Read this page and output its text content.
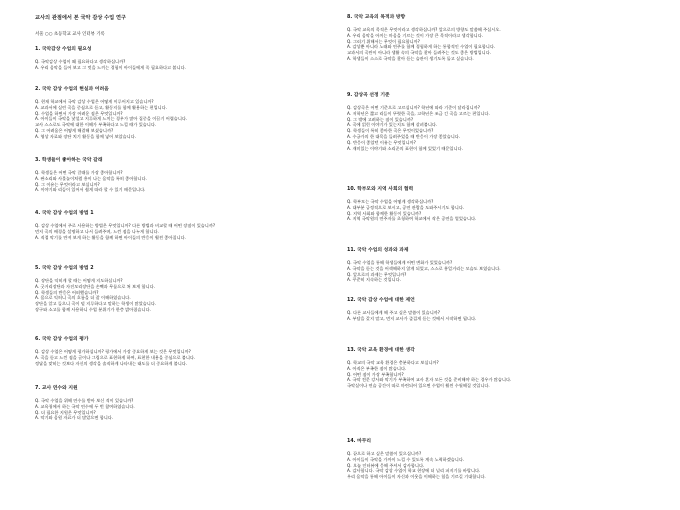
교사의 관점에서 본 국악 감상 수업 연구
서울 ○○ 초등학교 교사 인터뷰 기록
1. 국악감상 수업의 필요성
Q. 국악감상 수업이 왜 필요하다고 생각하십니까?
A. 우리 음악을 들어 보고 그 멋을 느끼는 경험이 아이들에게 꼭 필요하다고 봅니다.
2. 국악 감상 수업의 현실과 어려움
Q. 현재 학교에서 국악 감상 수업은 어떻게 이루어지고 있습니까?
A. 교과서에 실린 곡을 중심으로 듣고, 활동지를 함께 활용하는 편입니다.
Q. 수업을 하면서 가장 어려운 점은 무엇입니까?
A. 아이들이 국악을 낯설고 지루하게 느끼는 경우가 많아 집중을 이끌기 어렵습니다.
교사 스스로도 국악에 대한 이해가 부족하다고 느낄 때가 있습니다.
Q. 그 어려움은 어떻게 해결해 보셨습니까?
A. 영상 자료와 장단 치기 활동을 함께 넣어 보았습니다.
3. 학생들이 좋아하는 국악 갈래
Q. 학생들은 어떤 국악 갈래를 가장 좋아합니까?
A. 판소리와 사물놀이처럼 흥이 나는 음악을 특히 좋아합니다.
Q. 그 이유는 무엇이라고 보십니까?
A. 이야기와 리듬이 있어서 쉽게 따라 할 수 있기 때문입니다.
4. 국악 감상 수업의 방법 1
Q. 감상 수업에서 주로 사용하는 방법은 무엇입니까? 다른 방법과 비교할 때 어떤 장점이 있습니까?
먼저 곡의 배경을 설명하고 나서 들려주며, 느낀 점을 나누게 합니다.
A. 직접 악기를 만져 보게 하는 활동을 함께 하면 아이들의 반응이 훨씬 좋아집니다.
5. 국악 감상 수업의 방법 2
Q. 장단을 익히게 할 때는 어떻게 지도하십니까?
A. 굿거리장단과 자진모리장단을 손뼉과 무릎으로 쳐 보게 합니다.
Q. 학생들의 반응은 어떠했습니까?
A. 몸으로 익히니 곡의 흐름을 더 잘 이해하였습니다.
장단을 알고 들으니 곡이 덜 지루하다고 말하는 학생이 많았습니다.
장구와 소고를 함께 사용하니 수업 분위기가 한층 밝아졌습니다.
6. 국악 감상 수업의 평가
Q. 감상 수업은 어떻게 평가하십니까? 평가에서 가장 중요하게 보는 것은 무엇입니까?
A. 곡을 듣고 느낀 점을 글이나 그림으로 표현하게 하여, 표현한 내용을 중심으로 봅니다.
정답을 맞히는 것보다 자신의 생각을 솔직하게 나타내는 태도를 더 중요하게 봅니다.
7. 교사 연수와 지원
Q. 국악 수업을 위해 연수를 받아 보신 적이 있습니까?
A. 교육청에서 하는 국악 연수에 두 번 참여하였습니다.
Q. 더 필요한 지원은 무엇입니까?
A. 악기와 음원 자료가 더 많았으면 합니다.
8. 국악 교육의 목적과 방향
Q. 국악 교육의 목적은 무엇이라고 생각하십니까? 앞으로의 방향도 말씀해 주십시오.
A. 우리 음악을 아끼는 마음을 기르는 것이 가장 큰 목적이라고 생각합니다.
Q. 그러기 위해서는 무엇이 필요합니까?
A. 감상뿐 아니라 노래와 연주를 함께 경험하게 하는 통합적인 수업이 필요합니다.
교과서의 곡만이 아니라 생활 속의 국악을 찾아 들려주는 것도 좋은 방법입니다.
A. 학생들이 스스로 국악을 찾아 듣는 습관이 생기도록 돕고 싶습니다.
9. 감상곡 선정 기준
Q. 감상곡은 어떤 기준으로 고르십니까? 학년에 따라 기준이 달라집니까?
A. 저학년은 짧고 리듬이 뚜렷한 곡을, 고학년은 조금 긴 곡을 고르는 편입니다.
Q. 그 밖에 고려하는 점이 있습니까?
A. 곡에 얽힌 이야기가 있는지도 함께 살펴봅니다.
Q. 학생들이 특히 좋아한 곡은 무엇이었습니까?
A. 수궁가의 한 대목을 들려주었을 때 반응이 가장 좋았습니다.
Q. 반응이 좋았던 이유는 무엇입니까?
A. 재미있는 이야기와 소리꾼의 표현이 함께 있었기 때문입니다.
10. 학부모와 지역 사회의 협력
Q. 학부모는 국악 수업을 어떻게 생각하십니까?
A. 대부분 긍정적으로 보시고, 공연 관람을 도와주시기도 합니다.
Q. 지역 사회와 함께한 활동이 있습니까?
A. 지역 국악원의 연주자를 초청하여 학교에서 작은 공연을 열었습니다.
11. 국악 수업의 성과와 과제
Q. 국악 수업을 통해 학생들에게 어떤 변화가 있었습니까?
A. 국악을 듣는 것을 어색해하지 않게 되었고, 스스로 흥얼거리는 모습도 보였습니다.
Q. 앞으로의 과제는 무엇입니까?
A. 꾸준히 지속하는 것입니다.
12. 국악 감상 수업에 대한 제언
Q. 다른 교사들에게 해 주고 싶은 말씀이 있습니까?
A. 부담을 갖지 말고, 먼저 교사가 즐겁게 듣는 것에서 시작하면 됩니다.
13. 국악 교육 환경에 대한 생각
Q. 학교의 국악 교육 환경은 충분하다고 보십니까?
A. 아직은 부족한 점이 많습니다.
Q. 어떤 점이 가장 부족합니까?
A. 국악 전문 강사와 악기가 부족하여 교사 혼자 모든 것을 준비해야 하는 경우가 많습니다.
국악실이나 연습 공간이 따로 마련되어 있으면 수업이 훨씬 수월해질 것입니다.
14. 마무리
Q. 끝으로 하고 싶은 말씀이 있으십니까?
A. 아이들이 국악을 가까이 느낄 수 있도록 계속 노력하겠습니다.
Q. 오늘 인터뷰에 응해 주셔서 감사합니다.
A. 감사합니다. 국악 감상 수업이 학교 현장에 더 널리 퍼지기를 바랍니다.
우리 음악을 통해 아이들이 자신과 이웃을 이해하는 힘을 기르길 기대합니다.
